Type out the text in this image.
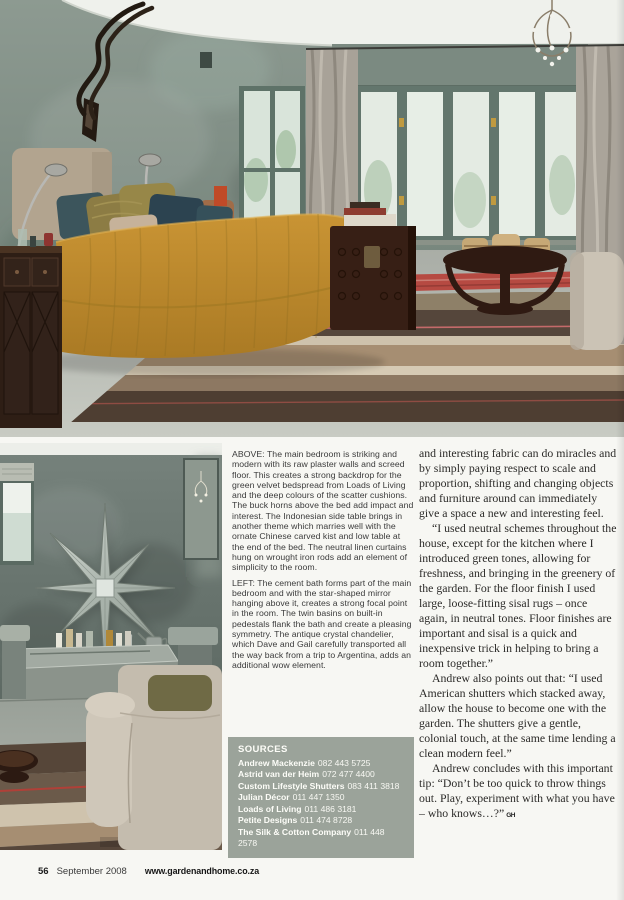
ABOVE: The main bedroom is striking and modern with its raw plaster walls and screed floor. This creates a strong backdrop for the green velvet bedspread from Loads of Living and the deep colours of the scatter cushions. The buck horns above the bed add impact and interest. The Indonesian side table brings in another theme which marries well with the ornate Chinese carved kist and low table at the end of the bed. The neutral linen curtains hung on wrought iron rods add an element of simplicity to the room.

LEFT: The cement bath forms part of the main bedroom and with the star-shaped mirror hanging above it, creates a strong focal point in the room. The twin basins on built-in pedestals flank the bath and create a pleasing symmetry. The antique crystal chandelier, which Dave and Gail carefully transported all the way back from a trip to Argentina, adds an additional wow element.

and interesting fabric can do miracles and by simply paying respect to scale and proportion, shifting and changing objects and furniture around can immediately give a space a new and interesting feel.

“I used neutral schemes throughout the house, except for the kitchen where I introduced green tones, allowing for freshness, and bringing in the greenery of the garden. For the floor finish I used large, loose-fitting sisal rugs – once again, in neutral tones. Floor finishes are important and sisal is a quick and inexpensive trick in helping to bring a room together.”

Andrew also points out that: “I used American shutters which stacked away, allow the house to become one with the garden. The shutters give a gentle, colonial touch, at the same time lending a clean modern feel.”

Andrew concludes with this important tip: “Don’t be too quick to throw things out. Play, experiment with what you have – who knows…?” GH

SOURCES
Andrew Mackenzie 082 443 5725
Astrid van der Heim 072 477 4400
Custom Lifestyle Shutters 083 411 3818
Julian Décor 011 447 1350
Loads of Living 011 486 3181
Petite Designs 011 474 8728
The Silk & Cotton Company 011 448 2578
56 September 2008 www.gardenandhome.co.za
